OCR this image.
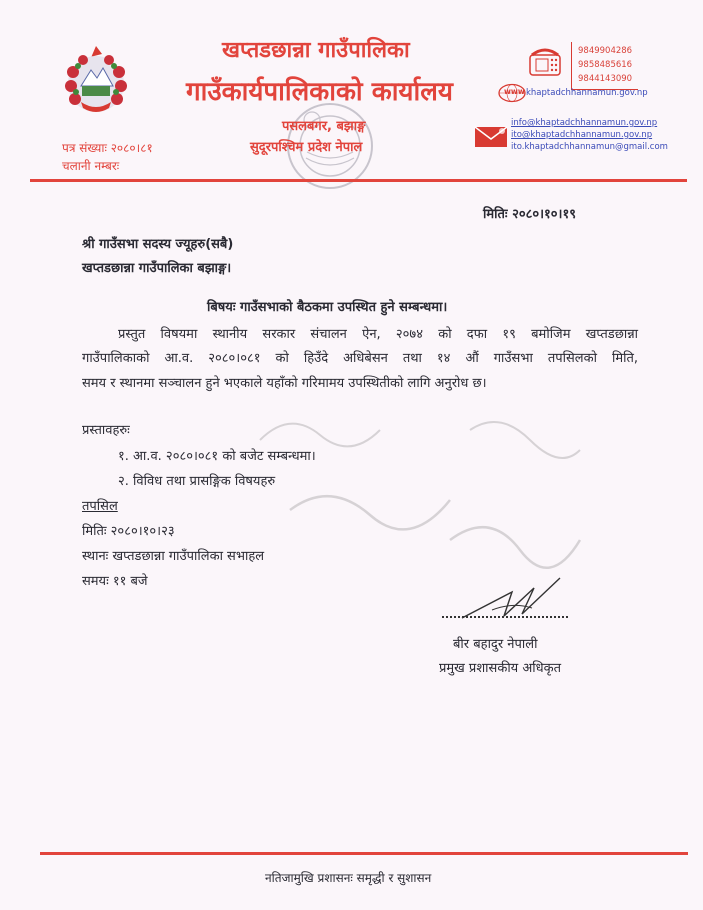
खप्तडछान्ना गाउँपालिका
गाउँकार्यपालिकाको कार्यालय
पसलबगर, बझाङ्ग
सुदूरपश्चिम प्रदेश नेपाल
पत्र संख्याः २०८०।८१
चलानी नम्बरः
9849904286
9858485616
9844143090
www khaptadchhannamun.gov.np
info@khaptadchhannamun.gov.np
ito@khaptadchhannamun.gov.np
ito.khaptadchhannamun@gmail.com
मितिः २०८०।१०।१९
श्री गाउँसभा सदस्य ज्यूहरु(सबै)
खप्तडछान्ना गाउँपालिका बझाङ्ग।
बिषयः गाउँसभाको बैठकमा उपस्थित हुने सम्बन्धमा।
प्रस्तुत विषयमा स्थानीय सरकार संचालन ऐन, २०७४ को दफा १९ बमोजिम खप्तडछान्ना
गाउँपालिकाको आ.व. २०८०।०८१ को हिउँदे अधिबेसन तथा १४ औं गाउँसभा तपसिलको मिति,
समय र स्थानमा सञ्चालन हुने भएकाले यहाँको गरिमामय उपस्थितीको लागि अनुरोध छ।
प्रस्तावहरुः
१. आ.व. २०८०।०८१ को बजेट सम्बन्धमा।
२. विविध तथा प्रासङ्गिक विषयहरु
तपसिल
मितिः २०८०।१०।२३
स्थानः खप्तडछान्ना गाउँपालिका सभाहल
समयः ११ बजे
बीर बहादुर नेपाली
प्रमुख प्रशासकीय अधिकृत
नतिजामुखि प्रशासनः समृद्धी र सुशासन
